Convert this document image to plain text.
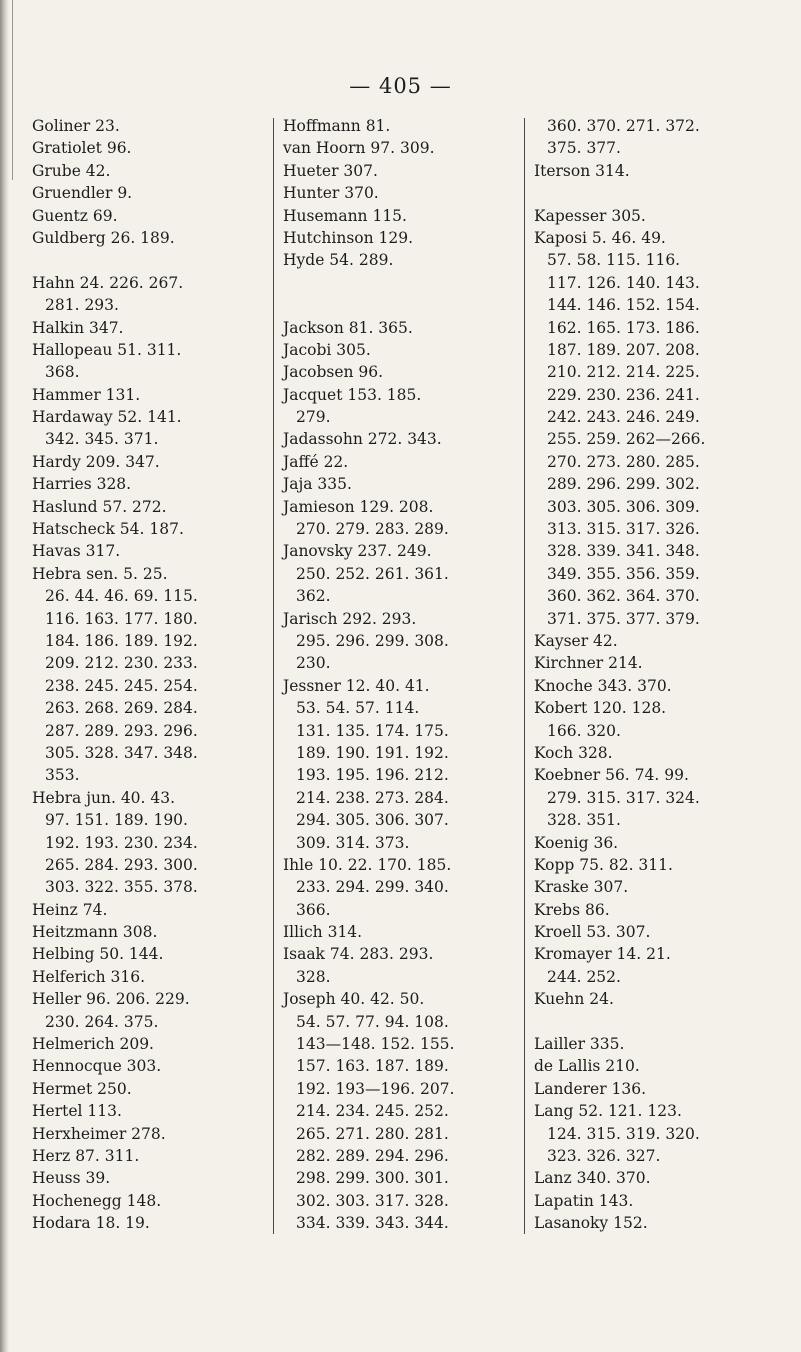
— 405 —
Goliner 23.
Gratiolet 96.
Grube 42.
Gruendler 9.
Guentz 69.
Guldberg 26. 189.
Hahn 24. 226. 267.
281. 293.
Halkin 347.
Hallopeau 51. 311.
368.
Hammer 131.
Hardaway 52. 141.
342. 345. 371.
Hardy 209. 347.
Harries 328.
Haslund 57. 272.
Hatscheck 54. 187.
Havas 317.
Hebra sen. 5. 25.
26. 44. 46. 69. 115.
116. 163. 177. 180.
184. 186. 189. 192.
209. 212. 230. 233.
238. 245. 245. 254.
263. 268. 269. 284.
287. 289. 293. 296.
305. 328. 347. 348.
353.
Hebra jun. 40. 43.
97. 151. 189. 190.
192. 193. 230. 234.
265. 284. 293. 300.
303. 322. 355. 378.
Heinz 74.
Heitzmann 308.
Helbing 50. 144.
Helferich 316.
Heller 96. 206. 229.
230. 264. 375.
Helmerich 209.
Hennocque 303.
Hermet 250.
Hertel 113.
Herxheimer 278.
Herz 87. 311.
Heuss 39.
Hochenegg 148.
Hodara 18. 19.
Hoffmann 81.
van Hoorn 97. 309.
Hueter 307.
Hunter 370.
Husemann 115.
Hutchinson 129.
Hyde 54. 289.
Jackson 81. 365.
Jacobi 305.
Jacobsen 96.
Jacquet 153. 185.
279.
Jadassohn 272. 343.
Jaffé 22.
Jaja 335.
Jamieson 129. 208.
270. 279. 283. 289.
Janovsky 237. 249.
250. 252. 261. 361.
362.
Jarisch 292. 293.
295. 296. 299. 308.
230.
Jessner 12. 40. 41.
53. 54. 57. 114.
131. 135. 174. 175.
189. 190. 191. 192.
193. 195. 196. 212.
214. 238. 273. 284.
294. 305. 306. 307.
309. 314. 373.
Ihle 10. 22. 170. 185.
233. 294. 299. 340.
366.
Illich 314.
Isaak 74. 283. 293.
328.
Joseph 40. 42. 50.
54. 57. 77. 94. 108.
143—148. 152. 155.
157. 163. 187. 189.
192. 193—196. 207.
214. 234. 245. 252.
265. 271. 280. 281.
282. 289. 294. 296.
298. 299. 300. 301.
302. 303. 317. 328.
334. 339. 343. 344.
360. 370. 271. 372.
375. 377.
Iterson 314.
Kapesser 305.
Kaposi 5. 46. 49.
57. 58. 115. 116.
117. 126. 140. 143.
144. 146. 152. 154.
162. 165. 173. 186.
187. 189. 207. 208.
210. 212. 214. 225.
229. 230. 236. 241.
242. 243. 246. 249.
255. 259. 262—266.
270. 273. 280. 285.
289. 296. 299. 302.
303. 305. 306. 309.
313. 315. 317. 326.
328. 339. 341. 348.
349. 355. 356. 359.
360. 362. 364. 370.
371. 375. 377. 379.
Kayser 42.
Kirchner 214.
Knoche 343. 370.
Kobert 120. 128.
166. 320.
Koch 328.
Koebner 56. 74. 99.
279. 315. 317. 324.
328. 351.
Koenig 36.
Kopp 75. 82. 311.
Kraske 307.
Krebs 86.
Kroell 53. 307.
Kromayer 14. 21.
244. 252.
Kuehn 24.
Lailler 335.
de Lallis 210.
Landerer 136.
Lang 52. 121. 123.
124. 315. 319. 320.
323. 326. 327.
Lanz 340. 370.
Lapatin 143.
Lasanoky 152.
